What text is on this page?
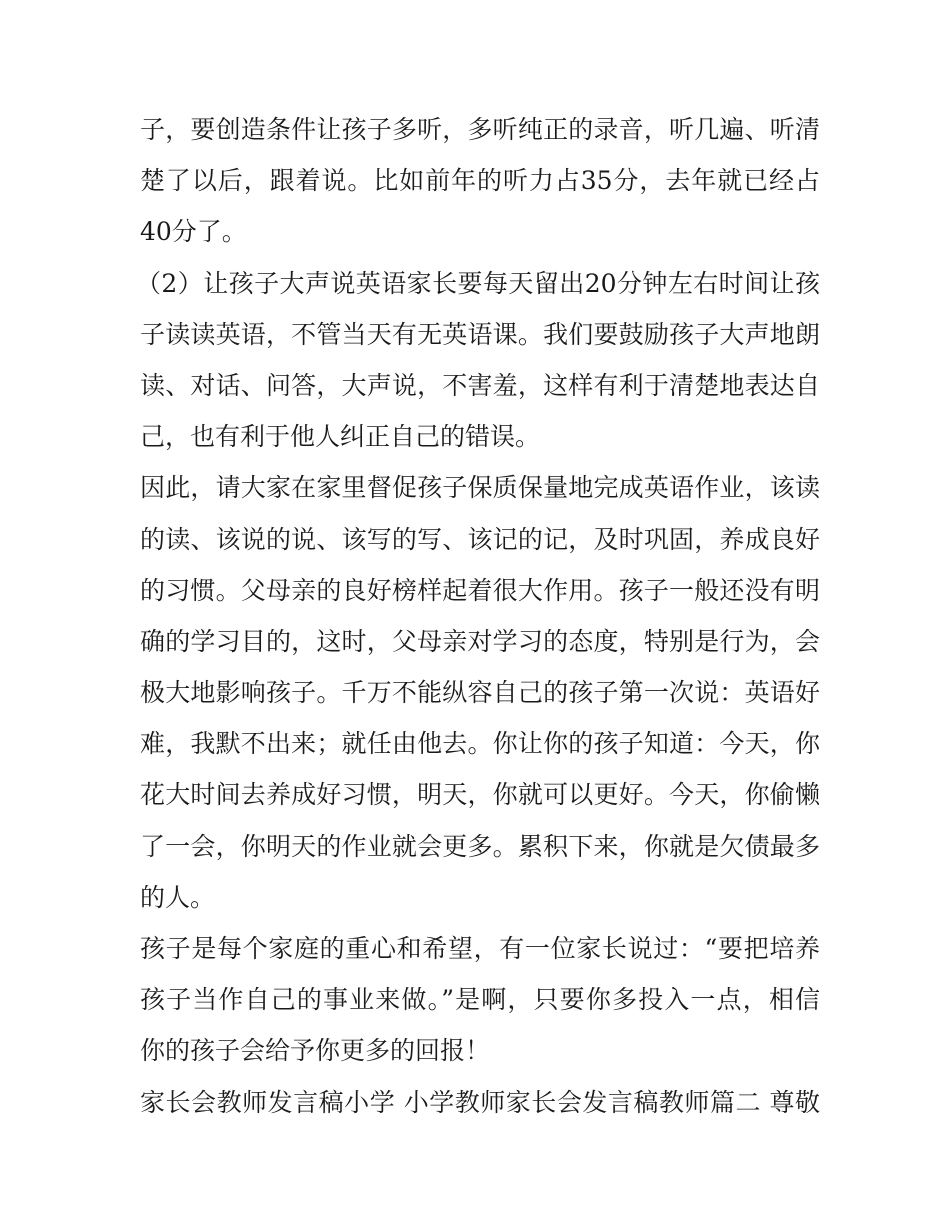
子，要创造条件让孩子多听，多听纯正的录音，听几遍、听清
楚了以后，跟着说。比如前年的听力占35分，去年就已经占
40分了。
（2）让孩子大声说英语家长要每天留出20分钟左右时间让孩
子读读英语，不管当天有无英语课。我们要鼓励孩子大声地朗
读、对话、问答，大声说，不害羞，这样有利于清楚地表达自
己，也有利于他人纠正自己的错误。
因此，请大家在家里督促孩子保质保量地完成英语作业，该读
的读、该说的说、该写的写、该记的记，及时巩固，养成良好
的习惯。父母亲的良好榜样起着很大作用。孩子一般还没有明
确的学习目的，这时，父母亲对学习的态度，特别是行为，会
极大地影响孩子。千万不能纵容自己的孩子第一次说：英语好
难，我默不出来；就任由他去。你让你的孩子知道：今天，你
花大时间去养成好习惯，明天，你就可以更好。今天，你偷懒
了一会，你明天的作业就会更多。累积下来，你就是欠债最多
的人。
孩子是每个家庭的重心和希望，有一位家长说过：“要把培养
孩子当作自己的事业来做。”是啊，只要你多投入一点，相信
你的孩子会给予你更多的回报！
家长会教师发言稿小学 小学教师家长会发言稿教师篇二 尊敬
